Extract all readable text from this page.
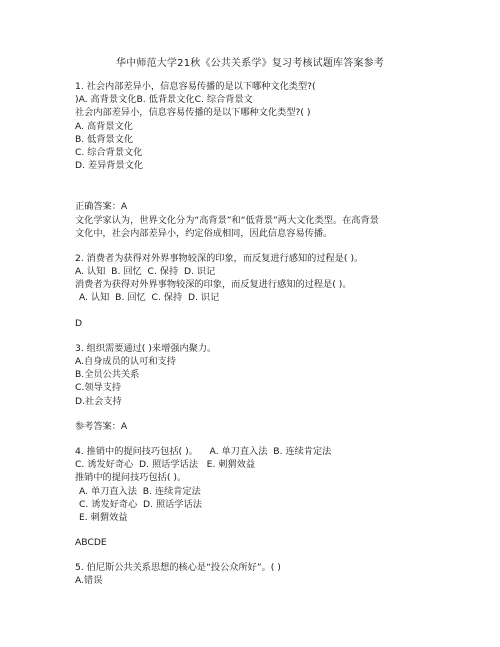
华中师范大学21秋《公共关系学》复习考核试题库答案参考
1. 社会内部差异小，信息容易传播的是以下哪种文化类型?(
)A. 高背景文化B. 低背景文化C. 综合背景文
社会内部差异小，信息容易传播的是以下哪种文化类型?( )
A. 高背景文化
B. 低背景文化
C. 综合背景文化
D. 差异背景文化
正确答案：A
文化学家认为，世界文化分为“高背景”和“低背景”两大文化类型。在高背景
文化中，社会内部差异小，约定俗成相同，因此信息容易传播。
2. 消费者为获得对外界事物较深的印象，而反复进行感知的过程是( )。
A. 认知  B. 回忆  C. 保持  D. 识记
消费者为获得对外界事物较深的印象，而反复进行感知的过程是( )。
A. 认知  B. 回忆  C. 保持  D. 识记
D
3. 组织需要通过( )来增强内聚力。
A.自身成员的认可和支持
B.全员公共关系
C.领导支持
D.社会支持
参考答案：A
4. 推销中的提问技巧包括( )。    A. 单刀直入法  B. 连续肯定法
C. 诱发好奇心  D. 照话学话法   E. 刺猬效益
推销中的提问技巧包括( )。
A. 单刀直入法  B. 连续肯定法
C. 诱发好奇心  D. 照话学话法
E. 刺猬效益
ABCDE
5. 伯尼斯公共关系思想的核心是“投公众所好”。( )
A.错误
